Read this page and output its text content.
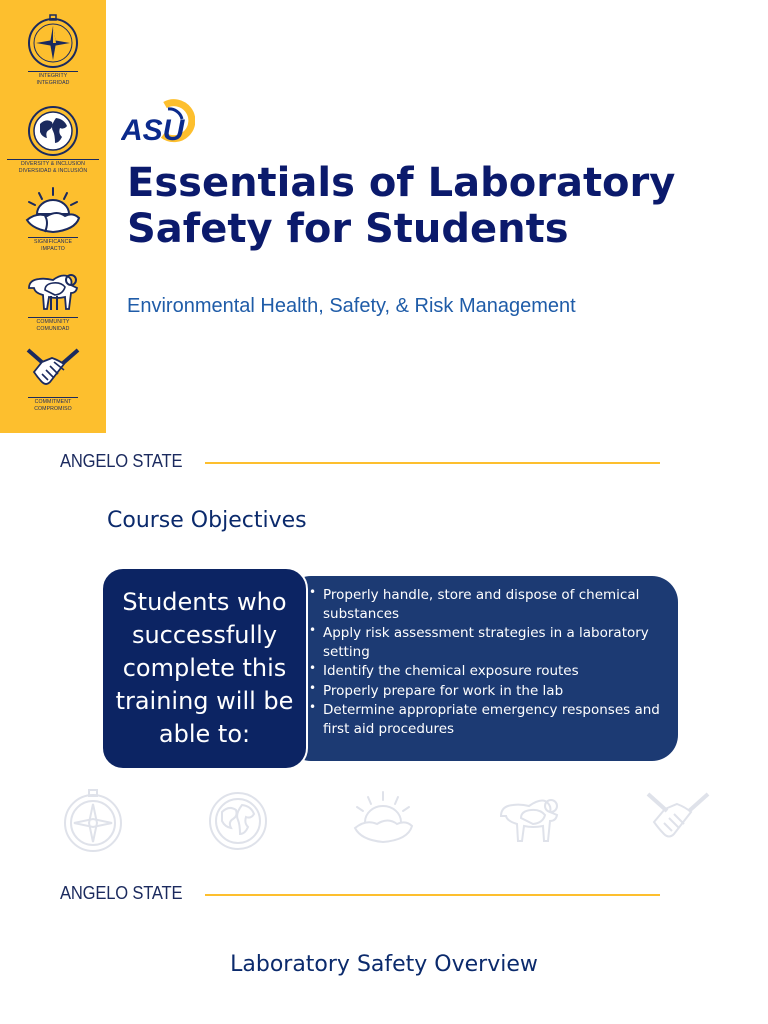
INTEGRITY
INTEGRIDAD
DIVERSITY & INCLUSION
DIVERSIDAD & INCLUSIÓN
SIGNIFICANCE
IMPACTO
COMMUNITY
COMUNIDAD
COMMITMENT
COMPROMISO
ASU
Essentials of Laboratory Safety for Students
Environmental Health, Safety, & Risk Management
ANGELO STATE
Course Objectives
• Properly handle, store and dispose of chemical substances
• Apply risk assessment strategies in a laboratory setting
• Identify the chemical exposure routes
• Properly prepare for work in the lab
• Determine appropriate emergency responses and first aid procedures
Students who successfully complete this training will be able to:
ANGELO STATE
Laboratory Safety Overview
